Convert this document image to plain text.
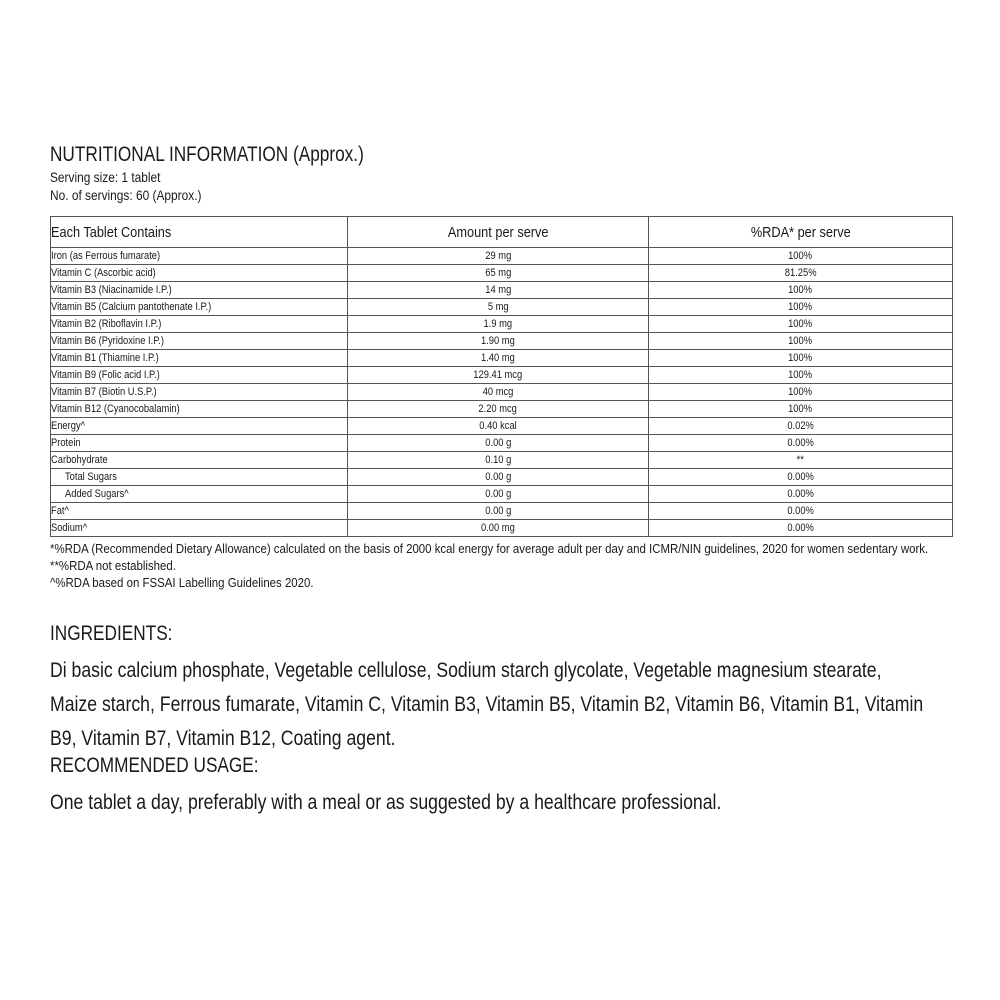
NUTRITIONAL INFORMATION (Approx.)
Serving size: 1 tablet
No. of servings: 60 (Approx.)
Each Tablet Contains	Amount per serve	%RDA* per serve
Iron (as Ferrous fumarate)	29 mg	100%
Vitamin C (Ascorbic acid)	65 mg	81.25%
Vitamin B3 (Niacinamide I.P.)	14 mg	100%
Vitamin B5 (Calcium pantothenate I.P.)	5 mg	100%
Vitamin B2 (Riboflavin I.P.)	1.9 mg	100%
Vitamin B6 (Pyridoxine I.P.)	1.90 mg	100%
Vitamin B1 (Thiamine I.P.)	1.40 mg	100%
Vitamin B9 (Folic acid I.P.)	129.41 mcg	100%
Vitamin B7 (Biotin U.S.P.)	40 mcg	100%
Vitamin B12 (Cyanocobalamin)	2.20 mcg	100%
Energy^	0.40 kcal	0.02%
Protein	0.00 g	0.00%
Carbohydrate	0.10 g	**
Total Sugars	0.00 g	0.00%
Added Sugars^	0.00 g	0.00%
Fat^	0.00 g	0.00%
Sodium^	0.00 mg	0.00%
*%RDA (Recommended Dietary Allowance) calculated on the basis of 2000 kcal energy for average adult per day and ICMR/NIN guidelines, 2020 for women sedentary work.
**%RDA not established.
^%RDA based on FSSAI Labelling Guidelines 2020.
INGREDIENTS:
Di basic calcium phosphate, Vegetable cellulose, Sodium starch glycolate, Vegetable magnesium stearate, Maize starch, Ferrous fumarate, Vitamin C, Vitamin B3, Vitamin B5, Vitamin B2, Vitamin B6, Vitamin B1, Vitamin B9, Vitamin B7, Vitamin B12, Coating agent.
RECOMMENDED USAGE:
One tablet a day, preferably with a meal or as suggested by a healthcare professional.
